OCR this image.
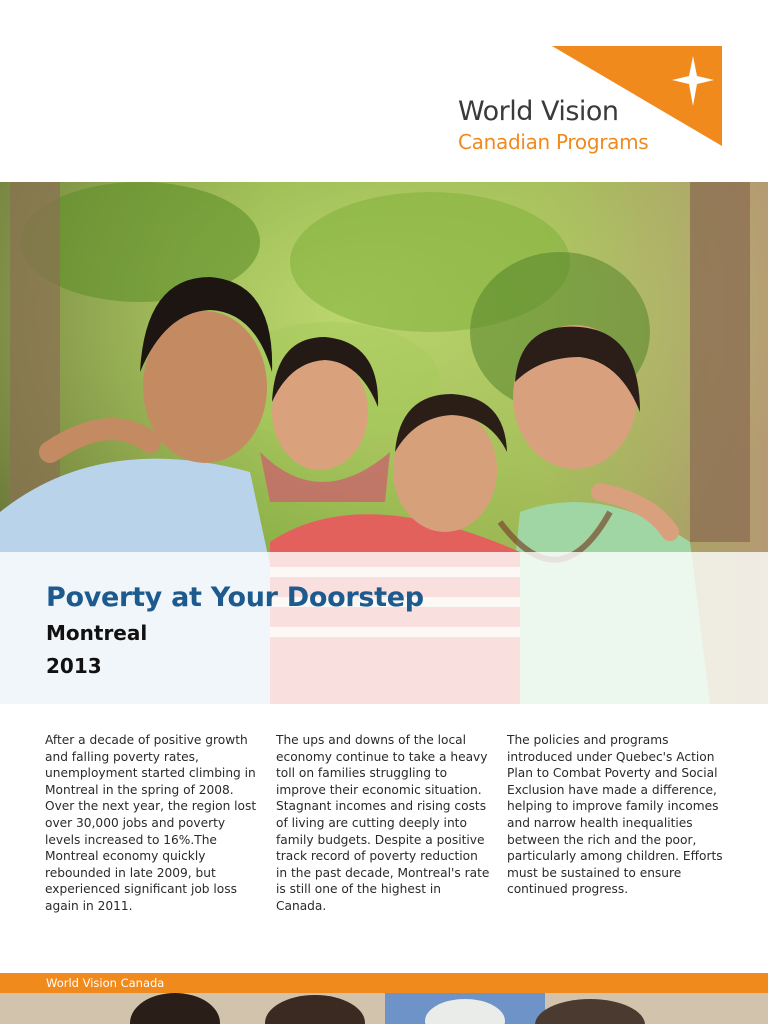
World Vision
Canadian Programs
Poverty at Your Doorstep
Montreal
2013
After a decade of positive growth and falling poverty rates, unemployment started climbing in Montreal in the spring of 2008. Over the next year, the region lost over 30,000 jobs and poverty levels increased to 16%.The Montreal economy quickly rebounded in late 2009, but experienced significant job loss again in 2011.
The ups and downs of the local economy continue to take a heavy toll on families struggling to improve their economic situation. Stagnant incomes and rising costs of living are cutting deeply into family budgets. Despite a positive track record of poverty reduction in the past decade, Montreal's rate is still one of the highest in Canada.
The policies and programs introduced under Quebec's Action Plan to Combat Poverty and Social Exclusion have made a difference, helping to improve family incomes and narrow health inequalities between the rich and the poor, particularly among children. Efforts must be sustained to ensure continued progress.
World Vision Canada
